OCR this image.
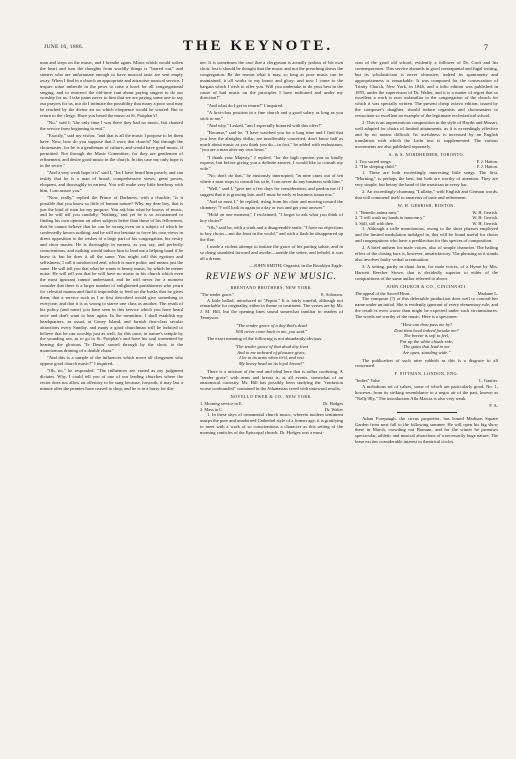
JUNE 16, 1886.	THE KEYNOTE.	7

man and steps on the music, and I breathe again. Music which would soften the heart and turn the thoughts from worldly things is "barred out," and sinners who are unfortunate enough to have musical taste are sent empty away. When I find in a church an appropriate and attractive musical service, I inspire some imbecile in the pews to raise a howl for all congregational singing, and to resurrect the old-time cant about paying singers to do our worship for us. I take pains never to hint that we are paying some one to say our prayers for us, nor do I intimate the possibility that many a poor soul may be reached by the divine air on which eloquence would be wasted. But to return to the clergy: Have you heard the music at St. Potiphar's?

"No," said I; "the only time I was there they had no music, but chanted the service from beginning to end."

"Exactly," said my visitor, "and that is all the music I propose to let them have. Now, how do you suppose that I wore that church? Not through the choirmaster, for he is a gentleman of culture, and would have good music, if permitted. Not through the Music Committee, for they are gentlemen of refinement, and desire good music in the church. In this case my only hope is in the rector."

"And a very weak hope it is" said I, "for I have heard him preach, and can testify that he is a man of broad, comprehensive views, great power, eloquent, and thoroughly in earnest. You will make very little headway with him, I can assure you."

"Now, really," replied the Prince of Darkness, with a chuckle, "is it possible that you know so little of human nature? Why, my dear boy, that is just the kind of man for my purpose. You ask him what he knows of music, and he will tell you candidly, 'Nothing,' and yet he is so accustomed to finding his own opinion on other subjects better than those of his fellowmen, that he cannot believe that he can be wrong even on a subject of which he confessedly knows nothing, and he will not hesitate to force his own views in direct opposition to the wishes of a large part of his congregation, his vestry and choir master. He is thoroughly in earnest, as you say, and perfectly conscientious, and nothing would induce him to lend me a helping hand if he knew it; but he does it all the same. You might call this egotism and selfishness, I call it misdirected zeal, which is more polite, and means just the same. He will tell you that what he wants is hearty music, by which he means noise. He will tell you that he will have no music in his church which even the most ignorant cannot understand, and he will never for a moment consider that there is a larger number of enlightened parishioners who yearn for celestial manna and find it impossible to feed on the husks that he gives them; that a service such as I at first described would give something to everyone, and that it is as wrong to starve one class as another. The result of his policy (and mine) you have seen in this service which you have heard once and don't want to hear again. In the meantime, I shall establish my headquarters, as usual, at Coney Island, and furnish first-class secular attractions every Sunday, and many a good churchman will be induced to believe that he can worship just as well, for this once, in nature's temple by the sounding sea, as to go to St. Potiphar's and have his soul tormented by hearing the glorious 'Te Deum' sawed through by the choir, to the monotonous droning of a double chant."

"And this is a sample of the influences which move all clergymen who oppose good church music?" I inquired.

"Oh, no," he responded. "The influences are varied as my judgment dictates. Why, I could tell you of one of our leading churches where the rector does not allow an offertory to be sung because, forsooth, it may last a minute after the pennies have ceased to drop, and he is in a hurry for din-

ner. It is sometimes the case that a clergyman is actually jealous of his own choir, lest it should be thought that the music and not the preaching draws the congregation. Be the reason what it may, so long as poor music can be maintained, it all works to my honor and glory; and now I come to the bargain which I wish to offer you. Will you undertake to do your best in the cause of bad music on the principles I have indicated and under my direction?"

"And what do I get in return?" I inquired.

"A first-class position in a fine church and a good salary as long as you stick to me."

"And why," I asked, "am I especially honored with this offer?"

"Because," said he, "I have watched you for a long time and I find that you love the almighty dollar, are insufferably conceited; don't know half as much about music as you think you do—in fact," he added with enthusiasm, "you are a man after my own heart."

"I thank your Majesty," I replied, "for the high opinion you so kindly express, but before giving you a definite answer, I would like to consult my wife."

"No; don't do that," he anxiously interrupted; "in nine cases out of ten where a man stops to consult his wife, I can never do any business with him."

"Well," said I, "give me a few days for consideration, and pardon me if I suggest that it is growing late, and I must be early at business tomorrow."

"And so must I," he replied, rising from his chair and moving toward the chimney; "I will look in again in a day or two and get your answer."

"Hold on one moment," I exclaimed, "I forgot to ask what you think of boy choirs?"

"Oh," said he, with a wink and a disagreeable smile, "I have no objections to boy choirs—not the least in the world," and with a flash he disappeared up the flue.

I made a violent attempt to imitate the grace of his parting salute, and in so doing stumbled forward and awoke—astride the settee, and behold, it was all a dream.

—JOHN SMITH, Organist, in the Brooklyn Eagle.
REVIEWS OF NEW MUSIC.
BRENTANO BROTHERS, NEW YORK.
"The tender grace."	E. Solomon.

A little ballad, introduced in "Pepita." It is fairly tuneful, although not remarkable for originality, either in theme or treatment. The verses are by Mr. J. M. Hill, but the opening lines sound somewhat familiar to readers of Tennyson.

"The tender grace of a day that's dead
Will never come back to me, you said."

The exact meaning of the following is not abundantly obvious:

"The tender grace of that dead day lives
And to me unheard of pleasure gives;
I lie in its arms when tir'd, and rest
My heavy head on its loyal breast!"

There is a mixture of the real and ideal here that is rather confusing. A "tender grace" with arms and breast is, at all events, somewhat of an anatomical curiosity. Mr. Hill has possibly been studying the "confusion worse confounded" contained in the Athanasian creed with untoward results.

NOVELLO EWER & CO., NEW YORK.
1. Morning service in E.	Dr. Hodges
2. Mass in C.	Dr. Walter

1. In these days of ornamental church music, wherein modern sentiment usurps the pure and unadorned Cathedral style of a former age, it is gratifying to meet with a work of so conscientious a character as this setting of the morning canticles of the Episcopal church. Dr. Hodges was a musi-

cian of the good old school, evidently a follower of Dr. Croft and his contemporaries. This service abounds in good contrapuntal and fugal writing, but its scholasticism is never obtrusive; indeed its spontaneity and appropriateness is remarkable. It was composed for the consecration of Trinity Church, New York, in 1846, and a folio edition was published in 1855, under the supervision of Dr. Walter, and it is a matter of regret that so excellent a work is now unfamiliar to the congregation of the church for which it was specially written. The present cheap octavo edition, issued by the composer's daughter, should induce organists and choirmasters to resuscitate so excellent an example of the legitimate ecclesiastical school.

2. This is an unpretentious composition in the style of Haydn and Mozart, well adapted for choirs of limited attainments, as it is exceedingly effective and by no means difficult. Its usefulness is increased by an English translation with which the Latin text is supplemented. The various movements are also published separately.

A. & S. NORDHEIMER, TORONTO.
1. Two sacred songs.	F. J. Hatton.
2. "The sleeping child."	F. J. Hatton.

1. These are both exceedingly interesting little songs. The first, "Morning," is perhaps the best, but both are worthy of attention. They are very simple, but betray the hand of the musician in every bar.

2. An exceedingly charming "Lullaby," with English and German words, that will commend itself to amateurs of taste and refinement.

W. H. GERRISH, BOSTON.
1. "Benedic anima mea."	W. H. Gerrish.
2. "I will wash my hands in innocency."	W. H. Gerrish.
3. Still, still with thee.	W. H. Gerrish.

1. Although a trifle monotonous, owing to the short phrases employed and the limited modulation indulged in, this will be found useful for choirs and congregations who have a predilection for this species of composition.

2. A brief anthem for male voices, also of simple character. The halting effect of the closing bars is, however, unsatisfactory. The phrasing as it stands also involves faulty verbal accentuation.

3. A setting, partly in chant form, for male voices, of a Hymn by Mrs. Harriett Beecher Stowe, that is decidedly superior to either of the compositions of the same author referred to above.

JOHN CHURCH & CO., CINCINNATI.
The appeal of the Sacred Heart.	Madame L.

The composer (?) of this delectable production does well to conceal her name under an initial. She is evidently ignorant of every elementary rule, and the result is even worse than might be expected under such circumstances. The words are worthy of the music. Here is a specimen:

"How can thou pass me by?
Dost thou heed indeed forsake me?
The breeze is soft to feel,
Far up the white clouds ride,
The gates that lead to me
Are open, standing wide."

The publication of such utter rubbish as this is a disgrace to all concerned.

F. PITTMAN, LONDON, ENG.
"Indies" Valse	L. Gautier.

A melodious set of valses, some of which are particularly good. No. 1, however, from its striking resemblance to a negro air of the past, known as "Nelly Bly," The introduction Alla Marcia is also very weak.

F. A.

Adam Forepaugh, the circus proprietor, has leased Madison Square Garden from next fall to the following summer. He will open his big show there in March, crowding out Barnum, and for the winter he promises spectacular, athletic and musical attractions of a necessarily huge nature. The lease excites considerable interest in theatrical circles.
